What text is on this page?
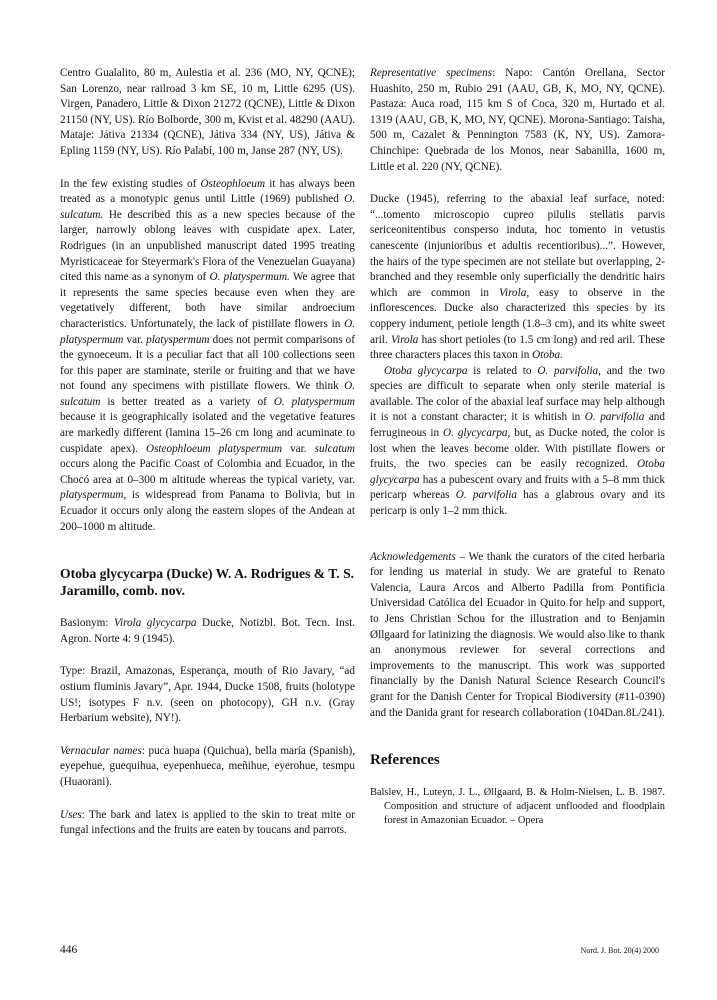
Centro Gualalito, 80 m, Aulestia et al. 236 (MO, NY, QCNE); San Lorenzo, near railroad 3 km SE, 10 m, Little 6295 (US). Virgen, Panadero, Little & Dixon 21272 (QCNE), Little & Dixon 21150 (NY, US). Río Bolborde, 300 m, Kvist et al. 48290 (AAU). Mataje: Játiva 21334 (QCNE), Játiva 334 (NY, US), Játiva & Epling 1159 (NY, US). Río Palabí, 100 m, Janse 287 (NY, US).

In the few existing studies of Osteophloeum it has always been treated as a monotypic genus until Little (1969) published O. sulcatum. He described this as a new species because of the larger, narrowly oblong leaves with cuspidate apex. Later, Rodrigues (in an unpublished manuscript dated 1995 treating Myristicaceae for Steyermark's Flora of the Venezuelan Guayana) cited this name as a synonym of O. platyspermum. We agree that it represents the same species because even when they are vegetatively different, both have similar androecium characteristics. Unfortunately, the lack of pistillate flowers in O. platyspermum var. platyspermum does not permit comparisons of the gynoeceum. It is a peculiar fact that all 100 collections seen for this paper are staminate, sterile or fruiting and that we have not found any specimens with pistillate flowers. We think O. sulcatum is better treated as a variety of O. platyspermum because it is geographically isolated and the vegetative features are markedly different (lamina 15–26 cm long and acuminate to cuspidate apex). Osteophloeum platyspermum var. sulcatum occurs along the Pacific Coast of Colombia and Ecuador, in the Chocó area at 0–300 m altitude whereas the typical variety, var. platyspermum, is widespread from Panama to Bolivia, but in Ecuador it occurs only along the eastern slopes of the Andean at 200–1000 m altitude.

Otoba glycycarpa (Ducke) W. A. Rodrigues & T. S. Jaramillo, comb. nov.

Basionym: Virola glycycarpa Ducke, Notizbl. Bot. Tecn. Inst. Agron. Norte 4: 9 (1945).

Type: Brazil, Amazonas, Esperança, mouth of Rio Javary, “ad ostium fluminis Javary”, Apr. 1944, Ducke 1508, fruits (holotype US!; isotypes F n.v. (seen on photocopy), GH n.v. (Gray Herbarium website), NY!).

Vernacular names: puca huapa (Quichua), bella maría (Spanish), eyepehue, guequihua, eyepenhueca, meñihue, eyerohue, tesmpu (Huaorani).

Uses: The bark and latex is applied to the skin to treat mite or fungal infections and the fruits are eaten by toucans and parrots.

Representative specimens: Napo: Cantón Orellana, Sector Huashito, 250 m, Rubio 291 (AAU, GB, K, MO, NY, QCNE). Pastaza: Auca road, 115 km S of Coca, 320 m, Hurtado et al. 1319 (AAU, GB, K, MO, NY, QCNE). Morona-Santiago: Taisha, 500 m, Cazalet & Pennington 7583 (K, NY, US). Zamora-Chinchipe: Quebrada de los Monos, near Sabanilla, 1600 m, Little et al. 220 (NY, QCNE).

Ducke (1945), referring to the abaxial leaf surface, noted: “...tomento microscopio cupreo pilulis stellatis parvis sericeonitentibus consperso induta, hoc tomento in vetustis canescente (injunioribus et adultis recentioribus)...”. However, the hairs of the type specimen are not stellate but overlapping, 2-branched and they resemble only superficially the dendritic hairs which are common in Virola, easy to observe in the inflorescences. Ducke also characterized this species by its coppery indument, petiole length (1.8–3 cm), and its white sweet aril. Virola has short petioles (to 1.5 cm long) and red aril. These three characters places this taxon in Otoba.

Otoba glycycarpa is related to O. parvifolia, and the two species are difficult to separate when only sterile material is available. The color of the abaxial leaf surface may help although it is not a constant character; it is whitish in O. parvifolia and ferrugineous in O. glycycarpa, but, as Ducke noted, the color is lost when the leaves become older. With pistillate flowers or fruits, the two species can be easily recognized. Otoba glycycarpa has a pubescent ovary and fruits with a 5–8 mm thick pericarp whereas O. parvifolia has a glabrous ovary and its pericarp is only 1–2 mm thick.

Acknowledgements – We thank the curators of the cited herbaria for lending us material in study. We are grateful to Renato Valencia, Laura Arcos and Alberto Padilla from Pontificia Universidad Católica del Ecuador in Quito for help and support, to Jens Christian Schou for the illustration and to Benjamin Øllgaard for latinizing the diagnosis. We would also like to thank an anonymous reviewer for several corrections and improvements to the manuscript. This work was supported financially by the Danish Natural Science Research Council's grant for the Danish Center for Tropical Biodiversity (#11-0390) and the Danida grant for research collaboration (104Dan.8L/241).

References

Balslev, H., Luteyn, J. L., Øllgaard, B. & Holm-Nielsen, L. B. 1987. Composition and structure of adjacent unflooded and floodplain forest in Amazonian Ecuador. – Opera

446	Nord. J. Bot. 20(4) 2000
